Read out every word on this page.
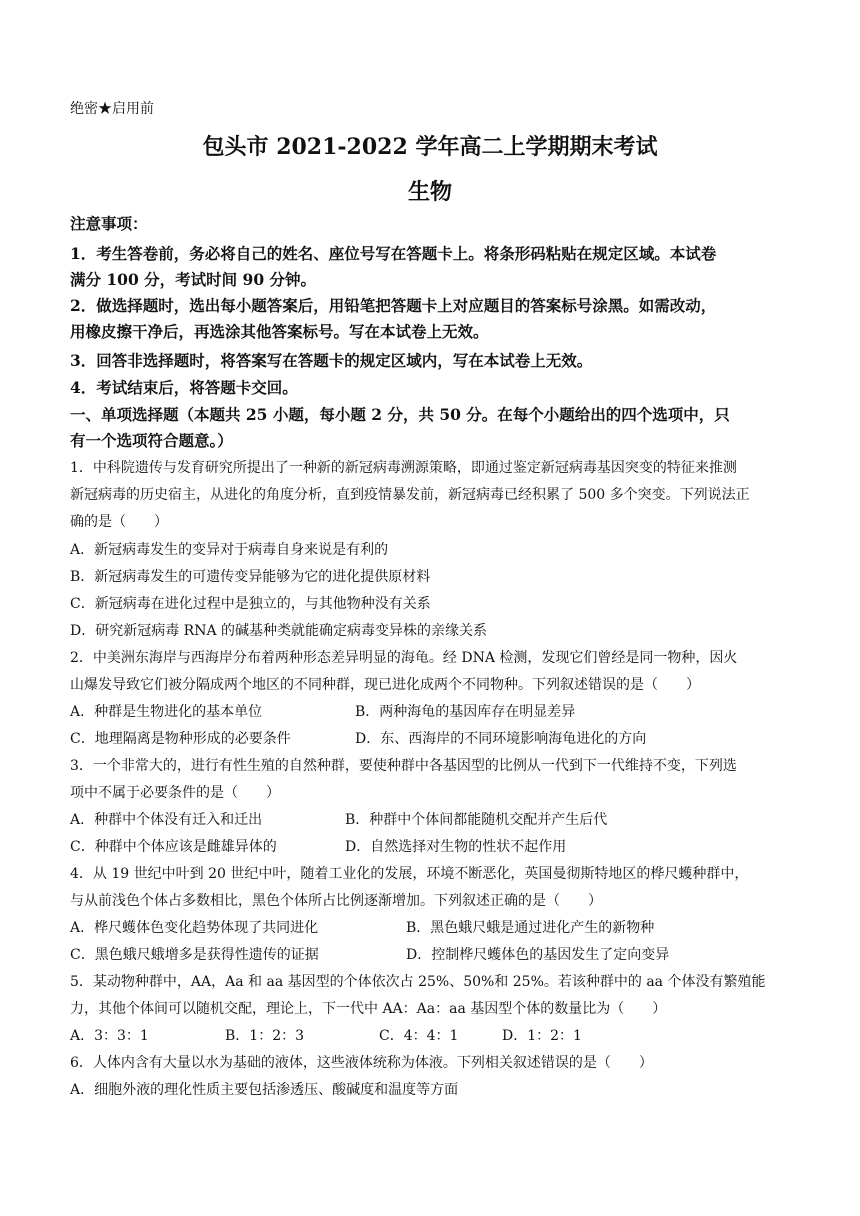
绝密★启用前
包头市 2021-2022 学年高二上学期期末考试
生物
注意事项：
1．考生答卷前，务必将自己的姓名、座位号写在答题卡上。将条形码粘贴在规定区域。本试卷
满分 100 分，考试时间 90 分钟。
2．做选择题时，选出每小题答案后，用铅笔把答题卡上对应题目的答案标号涂黑。如需改动，
用橡皮擦干净后，再选涂其他答案标号。写在本试卷上无效。
3．回答非选择题时，将答案写在答题卡的规定区域内，写在本试卷上无效。
4．考试结束后，将答题卡交回。
一、单项选择题（本题共 25 小题，每小题 2 分，共 50 分。在每个小题给出的四个选项中，只
有一个选项符合题意。）
1．中科院遗传与发育研究所提出了一种新的新冠病毒溯源策略，即通过鉴定新冠病毒基因突变的特征来推测
新冠病毒的历史宿主，从进化的角度分析，直到疫情暴发前，新冠病毒已经积累了 500 多个突变。下列说法正
确的是（　　）
A．新冠病毒发生的变异对于病毒自身来说是有利的
B．新冠病毒发生的可遗传变异能够为它的进化提供原材料
C．新冠病毒在进化过程中是独立的，与其他物种没有关系
D．研究新冠病毒 RNA 的碱基种类就能确定病毒变异株的亲缘关系
2．中美洲东海岸与西海岸分布着两种形态差异明显的海龟。经 DNA 检测，发现它们曾经是同一物种，因火
山爆发导致它们被分隔成两个地区的不同种群，现已进化成两个不同物种。下列叙述错误的是（　　）
A．种群是生物进化的基本单位	B．两种海龟的基因库存在明显差异
C．地理隔离是物种形成的必要条件	D．东、西海岸的不同环境影响海龟进化的方向
3．一个非常大的，进行有性生殖的自然种群，要使种群中各基因型的比例从一代到下一代维持不变，下列选
项中不属于必要条件的是（　　）
A．种群中个体没有迁入和迁出	B．种群中个体间都能随机交配并产生后代
C．种群中个体应该是雌雄异体的	D．自然选择对生物的性状不起作用
4．从 19 世纪中叶到 20 世纪中叶，随着工业化的发展，环境不断恶化，英国曼彻斯特地区的桦尺蠖种群中，
与从前浅色个体占多数相比，黑色个体所占比例逐渐增加。下列叙述正确的是（　　）
A．桦尺蠖体色变化趋势体现了共同进化	B．黑色蛾尺蛾是通过进化产生的新物种
C．黑色蛾尺蛾增多是获得性遗传的证据	D．控制桦尺蠖体色的基因发生了定向变异
5．某动物种群中，AA，Aa 和 aa 基因型的个体依次占 25%、50%和 25%。若该种群中的 aa 个体没有繁殖能
力，其他个体间可以随机交配，理论上，下一代中 AA：Aa：aa 基因型个体的数量比为（　　）
A．3：3：1	B．1：2：3	C．4：4：1	D．1：2：1
6．人体内含有大量以水为基础的液体，这些液体统称为体液。下列相关叙述错误的是（　　）
A．细胞外液的理化性质主要包括渗透压、酸碱度和温度等方面
